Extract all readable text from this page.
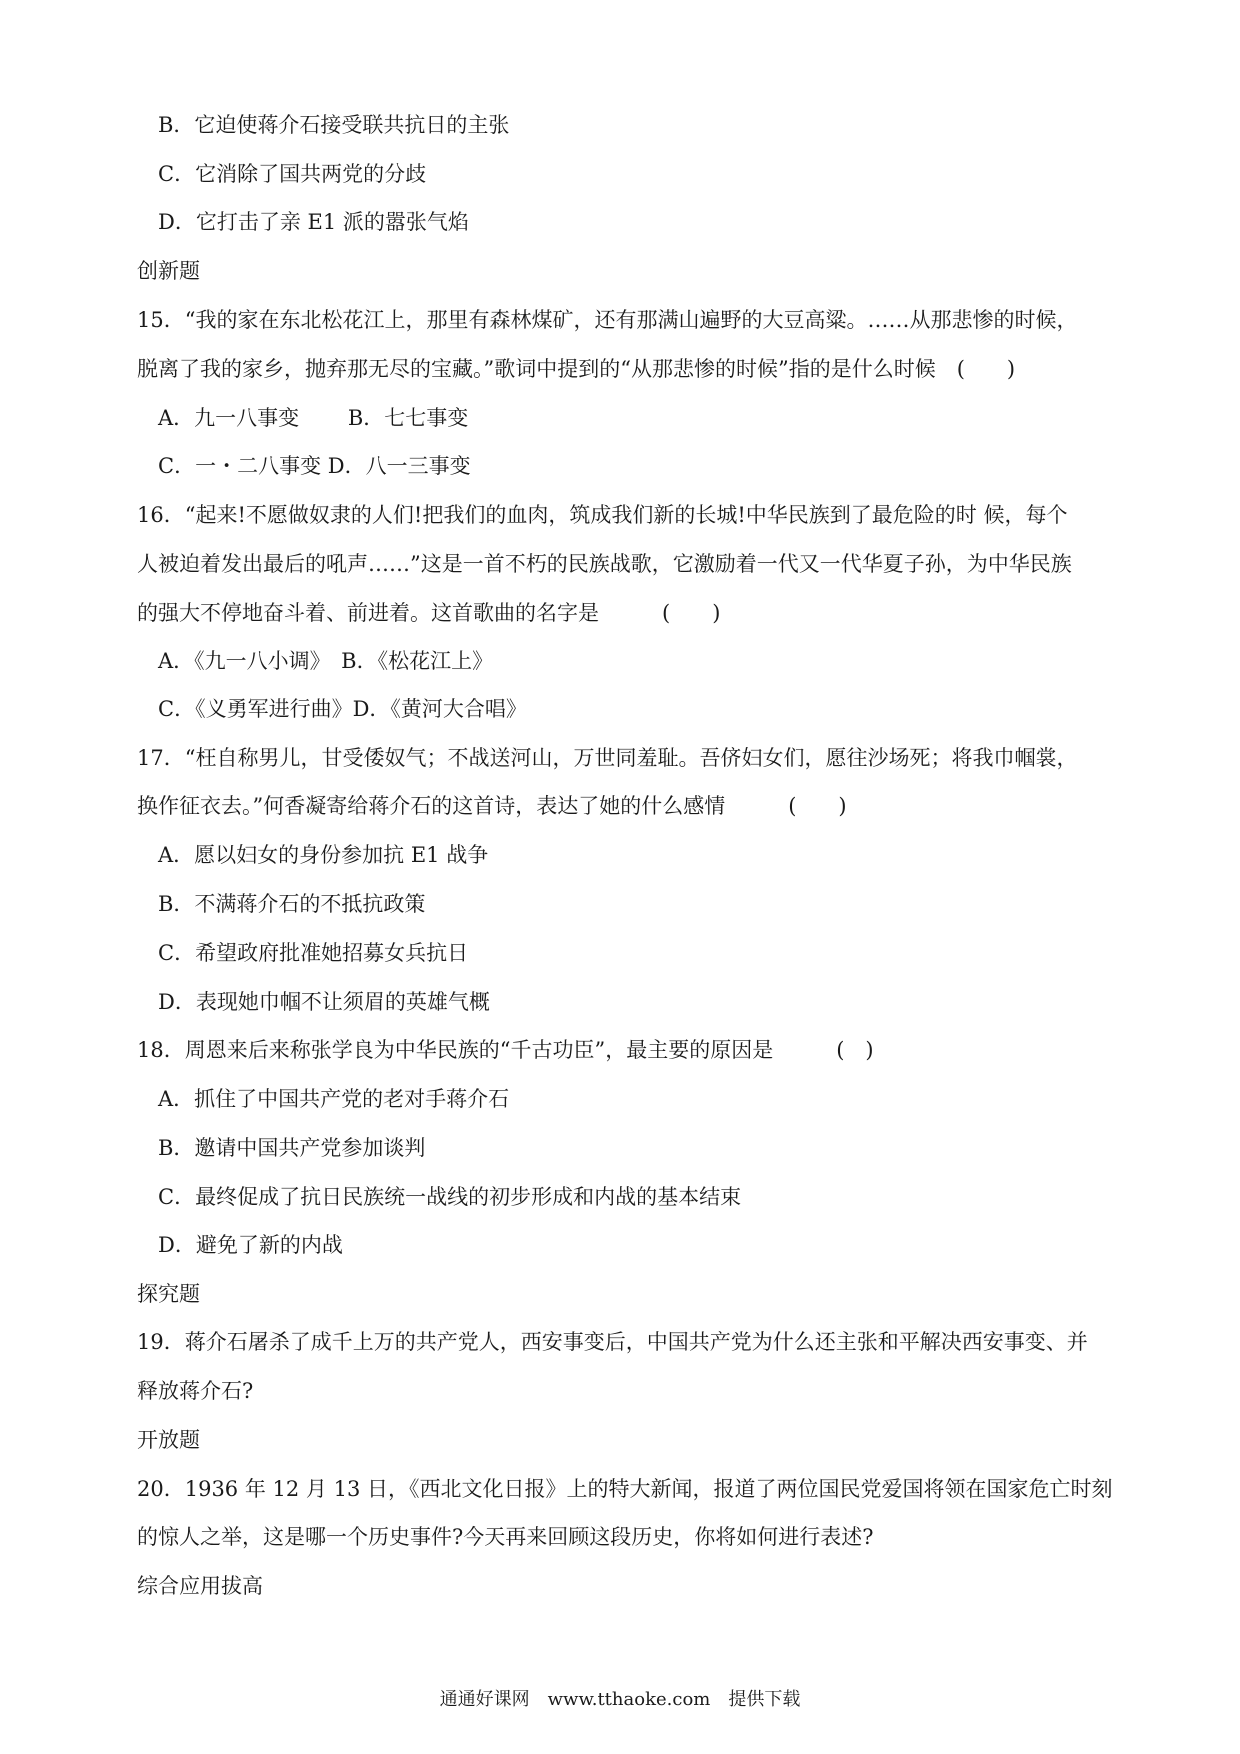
B．它迫使蒋介石接受联共抗日的主张
C．它消除了国共两党的分歧
D．它打击了亲 E1 派的嚣张气焰
创新题
15．“我的家在东北松花江上，那里有森林煤矿，还有那满山遍野的大豆高粱。……从那悲惨的时候，
脱离了我的家乡，抛弃那无尽的宝藏。”歌词中提到的“从那悲惨的时候”指的是什么时候　(　　)
A．九一八事变　　 B．七七事变
C．一・二八事变 D．八一三事变
16．“起来!不愿做奴隶的人们!把我们的血肉，筑成我们新的长城!中华民族到了最危险的时 候，每个
人被迫着发出最后的吼声……”这是一首不朽的民族战歌，它激励着一代又一代华夏子孙，为中华民族
的强大不停地奋斗着、前进着。这首歌曲的名字是　　　(　　)
A．《九一八小调》　B．《松花江上》
C．《义勇军进行曲》D．《黄河大合唱》
17．“枉自称男儿，甘受倭奴气；不战送河山，万世同羞耻。吾侪妇女们，愿往沙场死；将我巾帼裳，
换作征衣去。”何香凝寄给蒋介石的这首诗，表达了她的什么感情　　　(　　)
A．愿以妇女的身份参加抗 E1 战争
B．不满蒋介石的不抵抗政策
C．希望政府批准她招募女兵抗日
D．表现她巾帼不让须眉的英雄气概
18．周恩来后来称张学良为中华民族的“千古功臣”，最主要的原因是　　　(　)
A．抓住了中国共产党的老对手蒋介石
B．邀请中国共产党参加谈判
C．最终促成了抗日民族统一战线的初步形成和内战的基本结束
D．避免了新的内战
探究题
19．蒋介石屠杀了成千上万的共产党人，西安事变后，中国共产党为什么还主张和平解决西安事变、并
释放蒋介石?
开放题
20．1936 年 12 月 13 日，《西北文化日报》上的特大新闻，报道了两位国民党爱国将领在国家危亡时刻
的惊人之举，这是哪一个历史事件?今天再来回顾这段历史，你将如何进行表述?
综合应用拔高
通通好课网　www.tthaoke.com　提供下载
